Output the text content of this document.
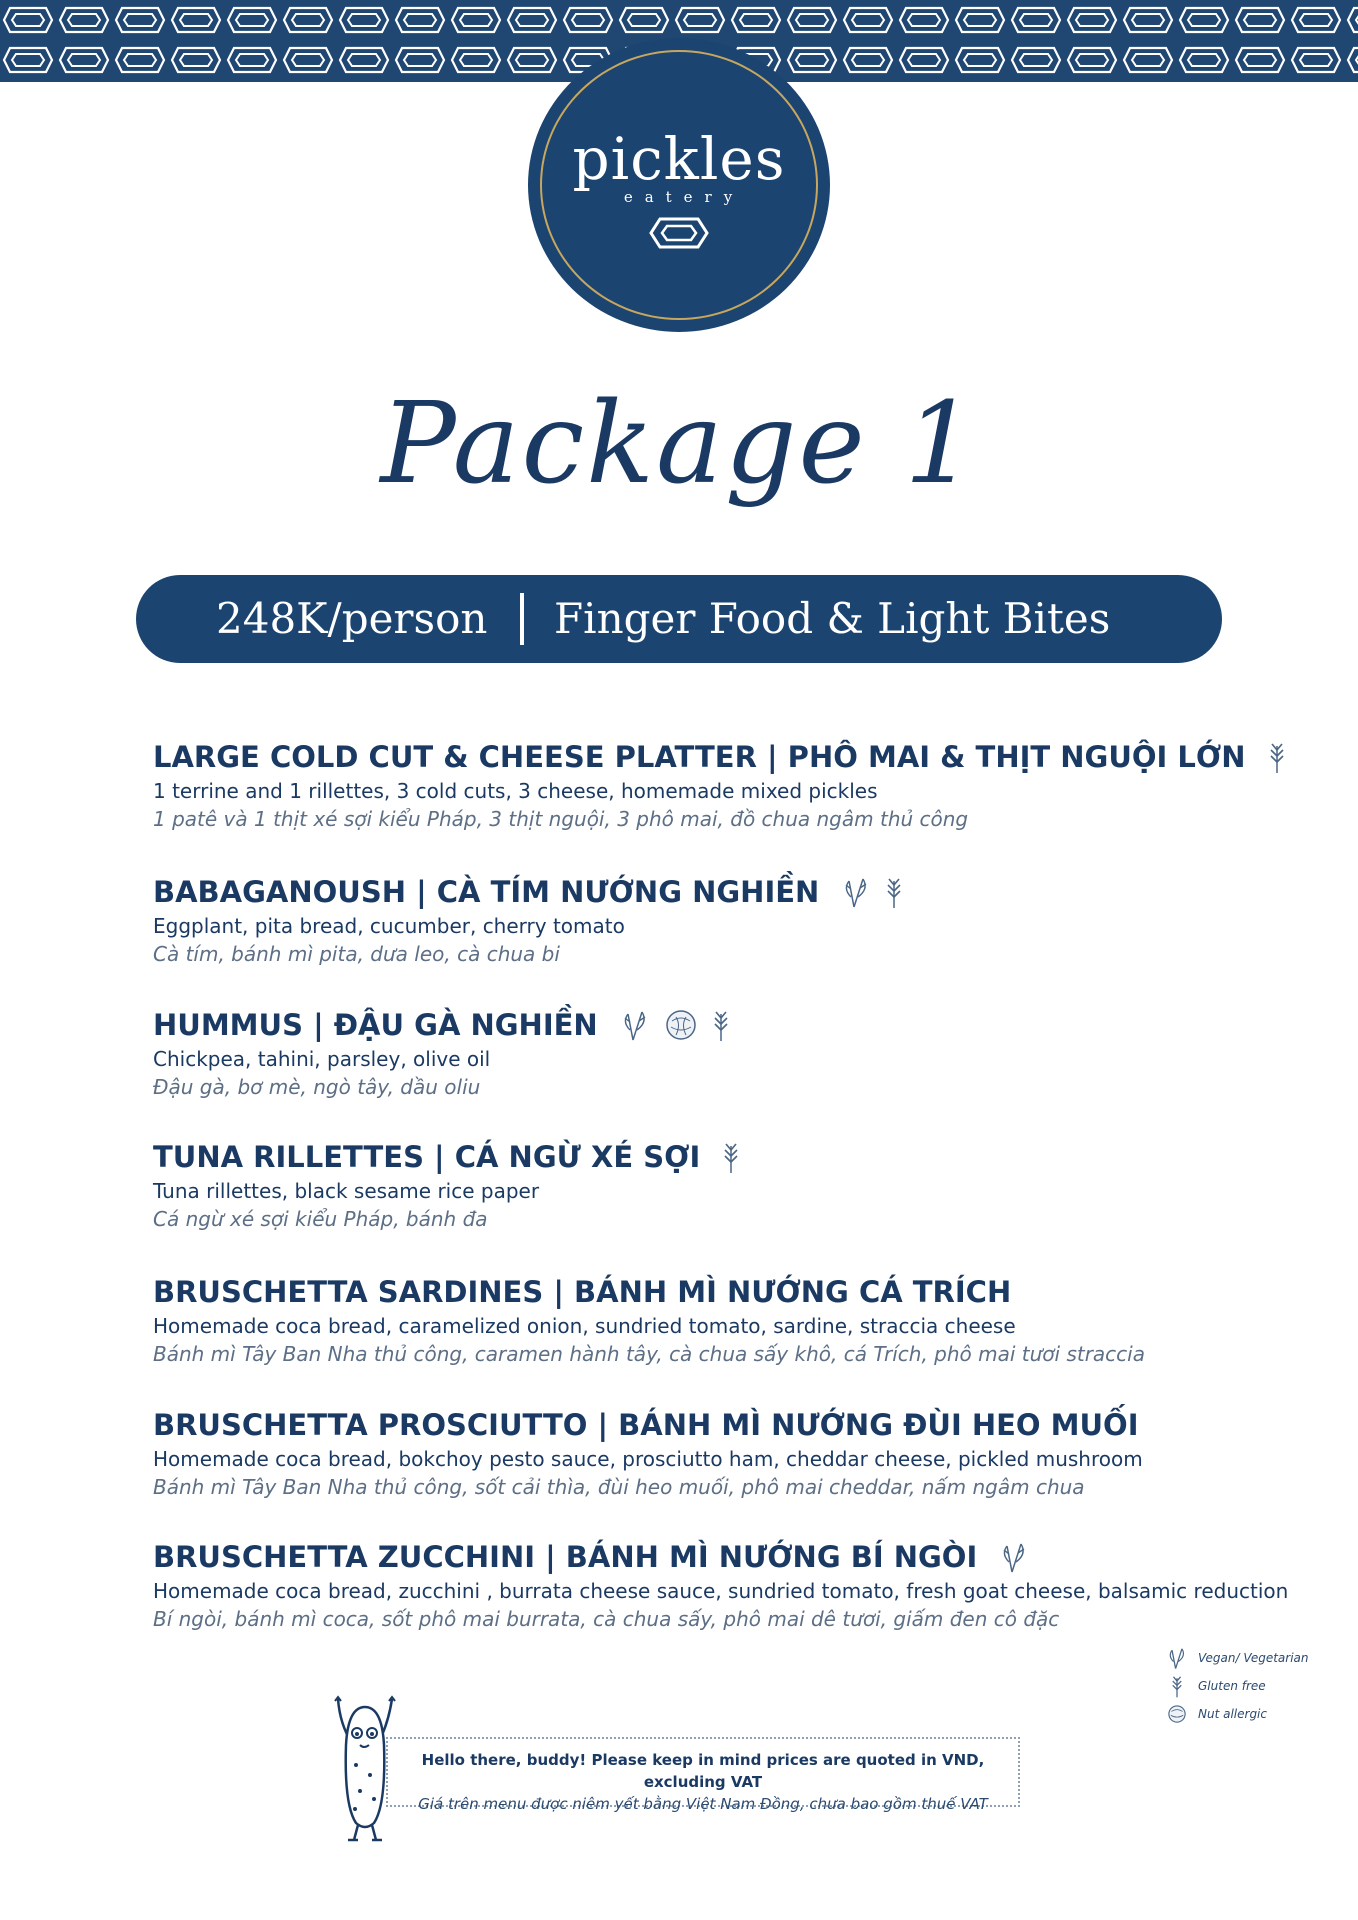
pickles
eatery
Package 1
248K/person Finger Food & Light Bites Only
LARGE COLD CUT & CHEESE PLATTER | PHÔ MAI & THỊT NGUỘI LỚN
1 terrine and 1 rillettes, 3 cold cuts, 3 cheese, homemade mixed pickles
1 patê và 1 thịt xé sợi kiểu Pháp, 3 thịt nguội, 3 phô mai, đồ chua ngâm thủ công
BABAGANOUSH | CÀ TÍM NƯỚNG NGHIỀN
Eggplant, pita bread, cucumber, cherry tomato
Cà tím, bánh mì pita, dưa leo, cà chua bi
HUMMUS | ĐẬU GÀ NGHIỀN
Chickpea, tahini, parsley, olive oil
Đậu gà, bơ mè, ngò tây, dầu oliu
TUNA RILLETTES | CÁ NGỪ XÉ SỢI
Tuna rillettes, black sesame rice paper
Cá ngừ xé sợi kiểu Pháp, bánh đa
BRUSCHETTA SARDINES | BÁNH MÌ NƯỚNG CÁ TRÍCH
Homemade coca bread, caramelized onion, sundried tomato, sardine, straccia cheese
Bánh mì Tây Ban Nha thủ công, caramen hành tây, cà chua sấy khô, cá Trích, phô mai tươi straccia
BRUSCHETTA PROSCIUTTO | BÁNH MÌ NƯỚNG ĐÙI HEO MUỐI
Homemade coca bread, bokchoy pesto sauce, prosciutto ham, cheddar cheese, pickled mushroom
Bánh mì Tây Ban Nha thủ công, sốt cải thìa, đùi heo muối, phô mai cheddar, nấm ngâm chua
BRUSCHETTA ZUCCHINI | BÁNH MÌ NƯỚNG BÍ NGÒI
Homemade coca bread, zucchini , burrata cheese sauce, sundried tomato, fresh goat cheese, balsamic reduction
Bí ngòi, bánh mì coca, sốt phô mai burrata, cà chua sấy, phô mai dê tươi, giấm đen cô đặc
Vegan/ Vegetarian
Gluten free
Nut allergic
Hello there, buddy! Please keep in mind prices are quoted in VND, excluding VAT
Giá trên menu được niêm yết bằng Việt Nam Đồng, chưa bao gồm thuế VAT
